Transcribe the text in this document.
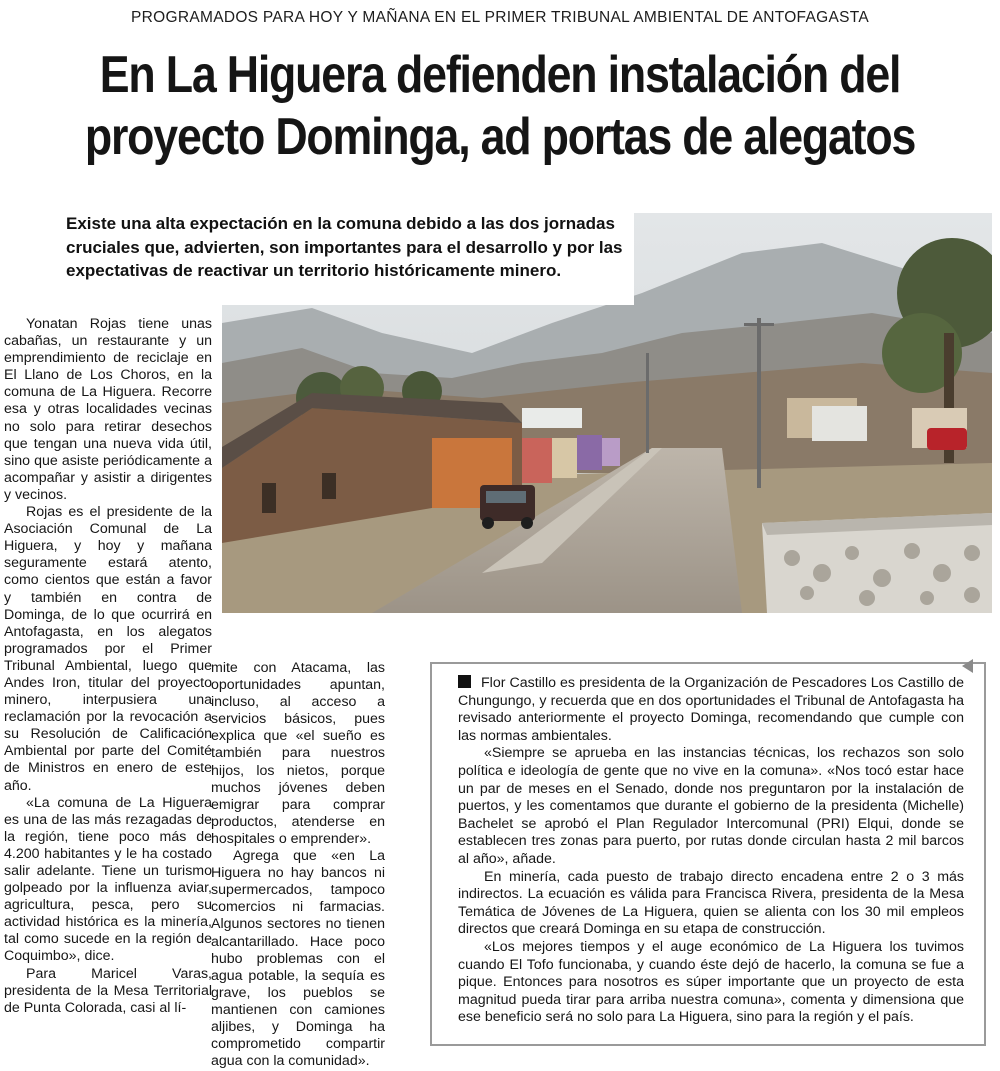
PROGRAMADOS PARA HOY Y MAÑANA EN EL PRIMER TRIBUNAL AMBIENTAL DE ANTOFAGASTA
En La Higuera defienden instalación del
proyecto Dominga, ad portas de alegatos
Existe una alta expectación en la comuna debido a las dos jornadas cruciales que, advierten, son importantes para el desarrollo y por las expectativas de reactivar un territorio históricamente minero.

Yonatan Rojas tiene unas cabañas, un restaurante y un emprendimiento de reciclaje en El Llano de Los Choros, en la comuna de La Higuera. Recorre esa y otras localidades vecinas no solo para retirar desechos que tengan una nueva vida útil, sino que asiste periódicamente a acompañar y asistir a dirigentes y vecinos.

Rojas es el presidente de la Asociación Comunal de La Higuera, y hoy y mañana seguramente estará atento, como cientos que están a favor y también en contra de Dominga, de lo que ocurrirá en Antofagasta, en los alegatos programados por el Primer Tribunal Ambiental, luego que Andes Iron, titular del proyecto minero, interpusiera una reclamación por la revocación a su Resolución de Calificación Ambiental por parte del Comité de Ministros en enero de este año.

«La comuna de La Higuera es una de las más rezagadas de la región, tiene poco más de 4.200 habitantes y le ha costado salir adelante. Tiene un turismo golpeado por la influenza aviar, agricultura, pesca, pero su actividad histórica es la minería, tal como sucede en la región de Coquimbo», dice.

Para Maricel Varas, presidenta de la Mesa Territorial de Punta Colorada, casi al lí-

mite con Atacama, las oportunidades apuntan, incluso, al acceso a servicios básicos, pues explica que «el sueño es también para nuestros hijos, los nietos, porque muchos jóvenes deben emigrar para comprar productos, atenderse en hospitales o emprender».

Agrega que «en La Higuera no hay bancos ni supermercados, tampoco comercios ni farmacias. Algunos sectores no tienen alcantarillado. Hace poco hubo problemas con el agua potable, la sequía es grave, los pueblos se mantienen con camiones aljibes, y Dominga ha comprometido compartir agua con la comunidad».

Flor Castillo es presidenta de la Organización de Pescadores Los Castillo de Chungungo, y recuerda que en dos oportunidades el Tribunal de Antofagasta ha revisado anteriormente el proyecto Dominga, recomendando que cumple con las normas ambientales.

«Siempre se aprueba en las instancias técnicas, los rechazos son solo política e ideología de gente que no vive en la comuna». «Nos tocó estar hace un par de meses en el Senado, donde nos preguntaron por la instalación de puertos, y les comentamos que durante el gobierno de la presidenta (Michelle) Bachelet se aprobó el Plan Regulador Intercomunal (PRI) Elqui, donde se establecen tres zonas para puerto, por rutas donde circulan hasta 2 mil barcos al año», añade.

En minería, cada puesto de trabajo directo encadena entre 2 o 3 más indirectos. La ecuación es válida para Francisca Rivera, presidenta de la Mesa Temática de Jóvenes de La Higuera, quien se alienta con los 30 mil empleos directos que creará Dominga en su etapa de construcción.

«Los mejores tiempos y el auge económico de La Higuera los tuvimos cuando El Tofo funcionaba, y cuando éste dejó de hacerlo, la comuna se fue a pique. Entonces para nosotros es súper importante que un proyecto de esta magnitud pueda tirar para arriba nuestra comuna», comenta y dimensiona que ese beneficio será no solo para La Higuera, sino para la región y el país.
